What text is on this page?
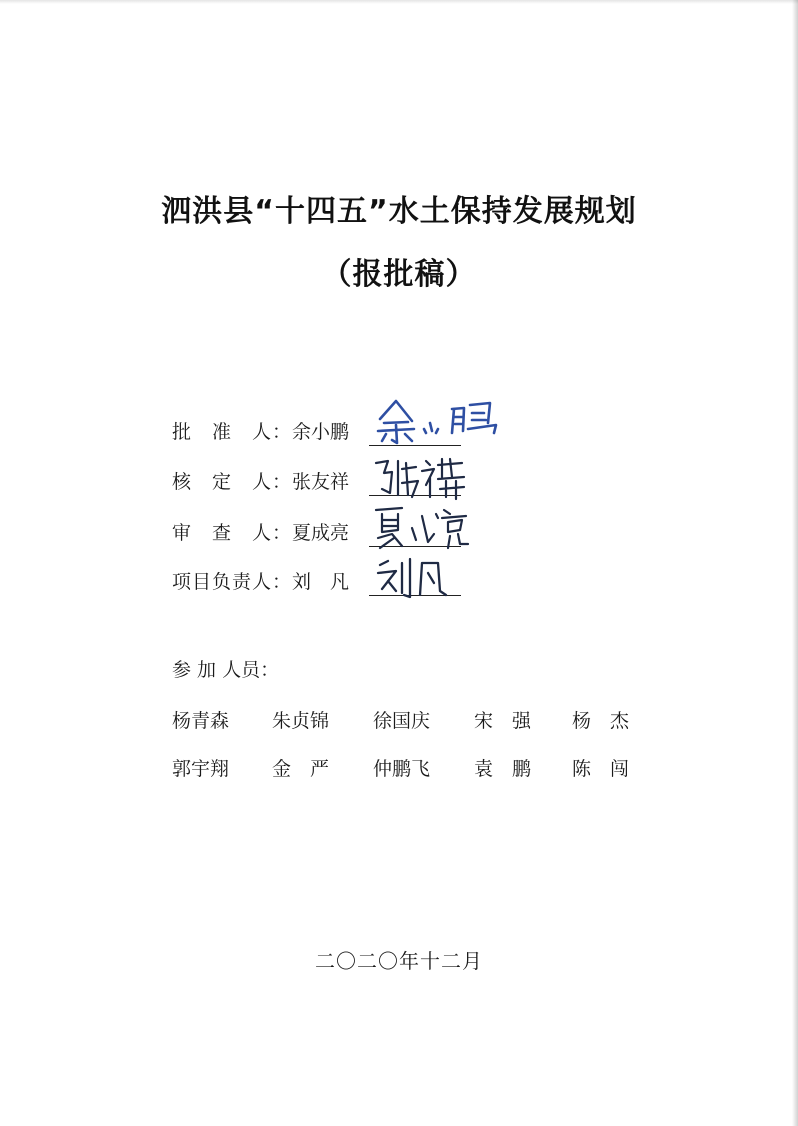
泗洪县“十四五”水土保持发展规划
（报批稿）
批　准　人： 余小鹏
核　定　人： 张友祥
审　查　人： 夏成亮
项目负责人： 刘　凡
参 加 人员：
杨青森 朱贞锦 徐国庆 宋　强 杨　杰
郭宇翔 金　严 仲鹏飞 袁　鹏 陈　闯
二〇二〇年十二月
